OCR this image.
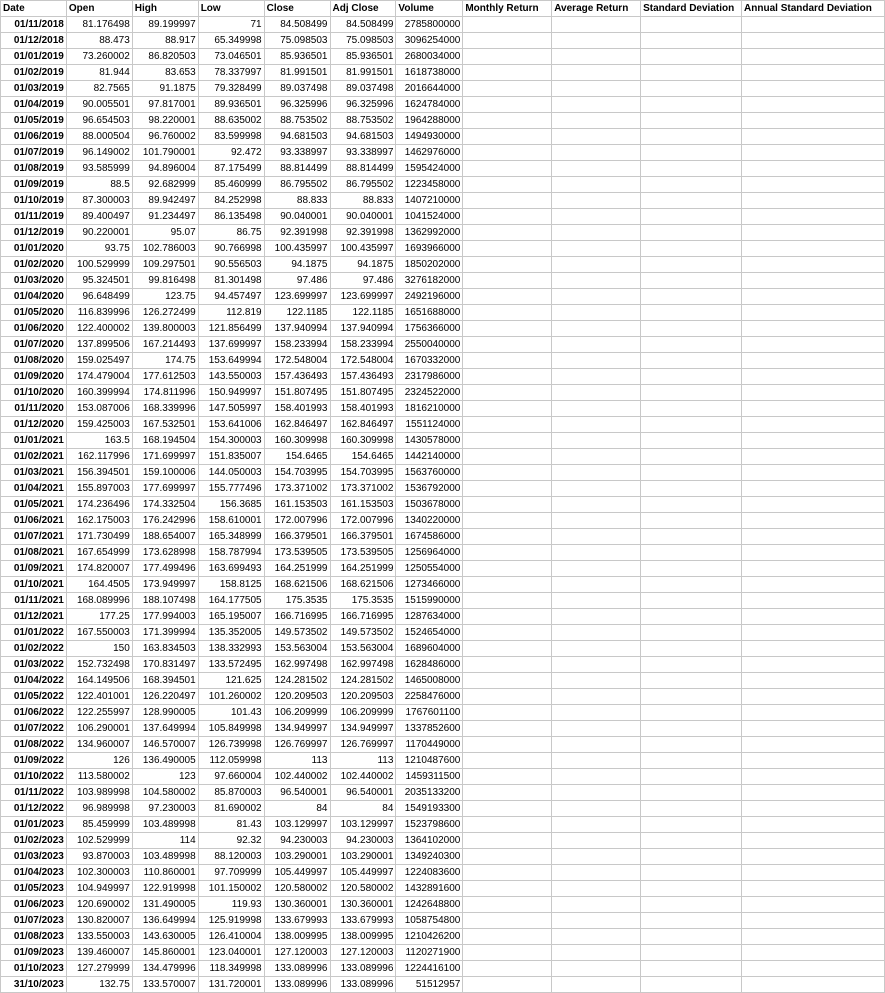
Date	Open	High	Low	Close	Adj Close	Volume	Monthly Return	Average Return	Standard Deviation	Annual Standard Deviation
01/11/2018	81.176498	89.199997	71	84.508499	84.508499	2785800000				
01/12/2018	88.473	88.917	65.349998	75.098503	75.098503	3096254000				
01/01/2019	73.260002	86.820503	73.046501	85.936501	85.936501	2680034000				
01/02/2019	81.944	83.653	78.337997	81.991501	81.991501	1618738000				
01/03/2019	82.7565	91.1875	79.328499	89.037498	89.037498	2016644000				
01/04/2019	90.005501	97.817001	89.936501	96.325996	96.325996	1624784000				
01/05/2019	96.654503	98.220001	88.635002	88.753502	88.753502	1964288000				
01/06/2019	88.000504	96.760002	83.599998	94.681503	94.681503	1494930000				
01/07/2019	96.149002	101.790001	92.472	93.338997	93.338997	1462976000				
01/08/2019	93.585999	94.896004	87.175499	88.814499	88.814499	1595424000				
01/09/2019	88.5	92.682999	85.460999	86.795502	86.795502	1223458000				
01/10/2019	87.300003	89.942497	84.252998	88.833	88.833	1407210000				
01/11/2019	89.400497	91.234497	86.135498	90.040001	90.040001	1041524000				
01/12/2019	90.220001	95.07	86.75	92.391998	92.391998	1362992000				
01/01/2020	93.75	102.786003	90.766998	100.435997	100.435997	1693966000				
01/02/2020	100.529999	109.297501	90.556503	94.1875	94.1875	1850202000				
01/03/2020	95.324501	99.816498	81.301498	97.486	97.486	3276182000				
01/04/2020	96.648499	123.75	94.457497	123.699997	123.699997	2492196000				
01/05/2020	116.839996	126.272499	112.819	122.1185	122.1185	1651688000				
01/06/2020	122.400002	139.800003	121.856499	137.940994	137.940994	1756366000				
01/07/2020	137.899506	167.214493	137.699997	158.233994	158.233994	2550040000				
01/08/2020	159.025497	174.75	153.649994	172.548004	172.548004	1670332000				
01/09/2020	174.479004	177.612503	143.550003	157.436493	157.436493	2317986000				
01/10/2020	160.399994	174.811996	150.949997	151.807495	151.807495	2324522000				
01/11/2020	153.087006	168.339996	147.505997	158.401993	158.401993	1816210000				
01/12/2020	159.425003	167.532501	153.641006	162.846497	162.846497	1551124000				
01/01/2021	163.5	168.194504	154.300003	160.309998	160.309998	1430578000				
01/02/2021	162.117996	171.699997	151.835007	154.6465	154.6465	1442140000				
01/03/2021	156.394501	159.100006	144.050003	154.703995	154.703995	1563760000				
01/04/2021	155.897003	177.699997	155.777496	173.371002	173.371002	1536792000				
01/05/2021	174.236496	174.332504	156.3685	161.153503	161.153503	1503678000				
01/06/2021	162.175003	176.242996	158.610001	172.007996	172.007996	1340220000				
01/07/2021	171.730499	188.654007	165.348999	166.379501	166.379501	1674586000				
01/08/2021	167.654999	173.628998	158.787994	173.539505	173.539505	1256964000				
01/09/2021	174.820007	177.499496	163.699493	164.251999	164.251999	1250554000				
01/10/2021	164.4505	173.949997	158.8125	168.621506	168.621506	1273466000				
01/11/2021	168.089996	188.107498	164.177505	175.3535	175.3535	1515990000				
01/12/2021	177.25	177.994003	165.195007	166.716995	166.716995	1287634000				
01/01/2022	167.550003	171.399994	135.352005	149.573502	149.573502	1524654000				
01/02/2022	150	163.834503	138.332993	153.563004	153.563004	1689604000				
01/03/2022	152.732498	170.831497	133.572495	162.997498	162.997498	1628486000				
01/04/2022	164.149506	168.394501	121.625	124.281502	124.281502	1465008000				
01/05/2022	122.401001	126.220497	101.260002	120.209503	120.209503	2258476000				
01/06/2022	122.255997	128.990005	101.43	106.209999	106.209999	1767601100				
01/07/2022	106.290001	137.649994	105.849998	134.949997	134.949997	1337852600				
01/08/2022	134.960007	146.570007	126.739998	126.769997	126.769997	1170449000				
01/09/2022	126	136.490005	112.059998	113	113	1210487600				
01/10/2022	113.580002	123	97.660004	102.440002	102.440002	1459311500				
01/11/2022	103.989998	104.580002	85.870003	96.540001	96.540001	2035133200				
01/12/2022	96.989998	97.230003	81.690002	84	84	1549193300				
01/01/2023	85.459999	103.489998	81.43	103.129997	103.129997	1523798600				
01/02/2023	102.529999	114	92.32	94.230003	94.230003	1364102000				
01/03/2023	93.870003	103.489998	88.120003	103.290001	103.290001	1349240300				
01/04/2023	102.300003	110.860001	97.709999	105.449997	105.449997	1224083600				
01/05/2023	104.949997	122.919998	101.150002	120.580002	120.580002	1432891600				
01/06/2023	120.690002	131.490005	119.93	130.360001	130.360001	1242648800				
01/07/2023	130.820007	136.649994	125.919998	133.679993	133.679993	1058754800				
01/08/2023	133.550003	143.630005	126.410004	138.009995	138.009995	1210426200				
01/09/2023	139.460007	145.860001	123.040001	127.120003	127.120003	1120271900				
01/10/2023	127.279999	134.479996	118.349998	133.089996	133.089996	1224416100				
31/10/2023	132.75	133.570007	131.720001	133.089996	133.089996	51512957				
